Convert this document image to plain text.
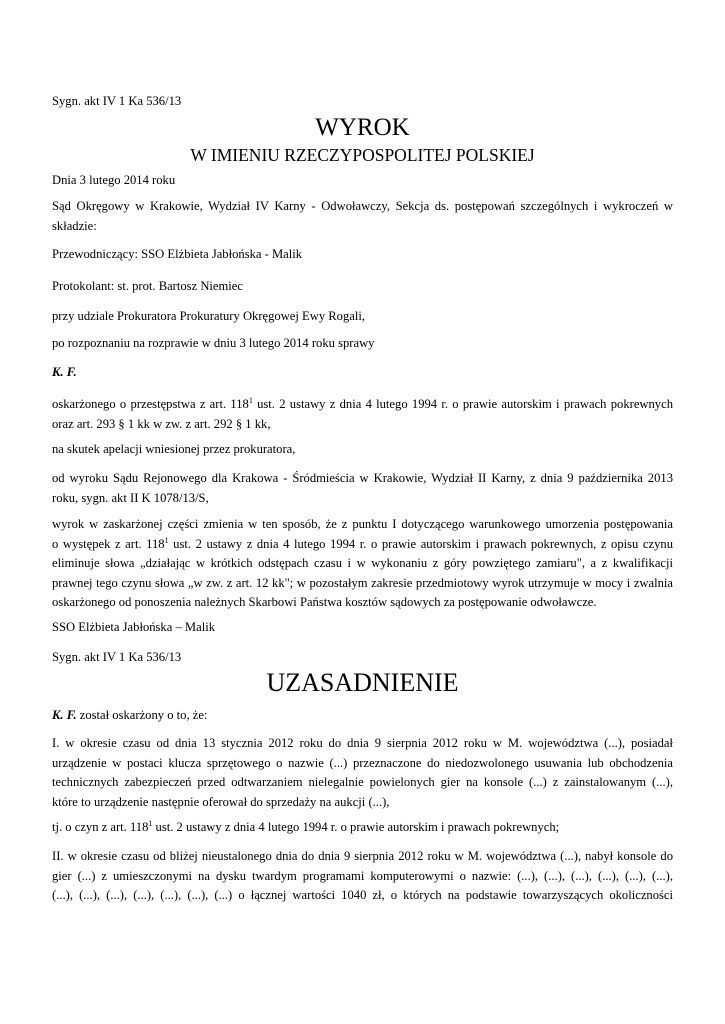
Sygn. akt IV 1 Ka 536/13
WYROK
W IMIENIU RZECZYPOSPOLITEJ POLSKIEJ
Dnia 3 lutego 2014 roku
Sąd Okręgowy w Krakowie, Wydział IV Karny - Odwoławczy, Sekcja ds. postępowań szczególnych i wykroczeń w
składzie:
Przewodniczący: SSO Elżbieta Jabłońska - Malik
Protokolant: st. prot. Bartosz Niemiec
przy udziale Prokuratora Prokuratury Okręgowej Ewy Rogali,
po rozpoznaniu na rozprawie w dniu 3 lutego 2014 roku sprawy
K. F.
oskarżonego o przestępstwa z art. $118^1$ ust. 2 ustawy z dnia 4 lutego 1994 r. o prawie autorskim i prawach pokrewnych
oraz art. 293 § 1 kk w zw. z art. 292 § 1 kk,
na skutek apelacji wniesionej przez prokuratora,
od wyroku Sądu Rejonowego dla Krakowa - Śródmieścia w Krakowie, Wydział II Karny, z dnia 9 października 2013
roku, sygn. akt II K 1078/13/S,
wyrok w zaskarżonej części zmienia w ten sposób, że z punktu I dotyczącego warunkowego umorzenia postępowania
o występek z art. $118^1$ ust. 2 ustawy z dnia 4 lutego 1994 r. o prawie autorskim i prawach pokrewnych, z opisu czynu
eliminuje słowa „działając w krótkich odstępach czasu i w wykonaniu z góry powziętego zamiaru", a z kwalifikacji
prawnej tego czynu słowa „w zw. z art. 12 kk"; w pozostałym zakresie przedmiotowy wyrok utrzymuje w mocy i zwalnia
oskarżonego od ponoszenia należnych Skarbowi Państwa kosztów sądowych za postępowanie odwoławcze.
SSO Elżbieta Jabłońska – Malik
Sygn. akt IV 1 Ka 536/13
UZASADNIENIE
K. F. został oskarżony o to, że:
I. w okresie czasu od dnia 13 stycznia 2012 roku do dnia 9 sierpnia 2012 roku w M. województwa (...), posiadał
urządzenie w postaci klucza sprzętowego o nazwie (...) przeznaczone do niedozwolonego usuwania lub obchodzenia
technicznych zabezpieczeń przed odtwarzaniem nielegalnie powielonych gier na konsole (...) z zainstalowanym (...),
które to urządzenie następnie oferował do sprzedaży na aukcji (...),
tj. o czyn z art. $118^1$ ust. 2 ustawy z dnia 4 lutego 1994 r. o prawie autorskim i prawach pokrewnych;
II. w okresie czasu od bliżej nieustalonego dnia do dnia 9 sierpnia 2012 roku w M. województwa (...), nabył konsole do
gier (...) z umieszczonymi na dysku twardym programami komputerowymi o nazwie: (...), (...), (...), (...), (...), (...),
(...), (...), (...), (...), (...), (...), (...) o łącznej wartości 1040 zł, o których na podstawie towarzyszących okoliczności
